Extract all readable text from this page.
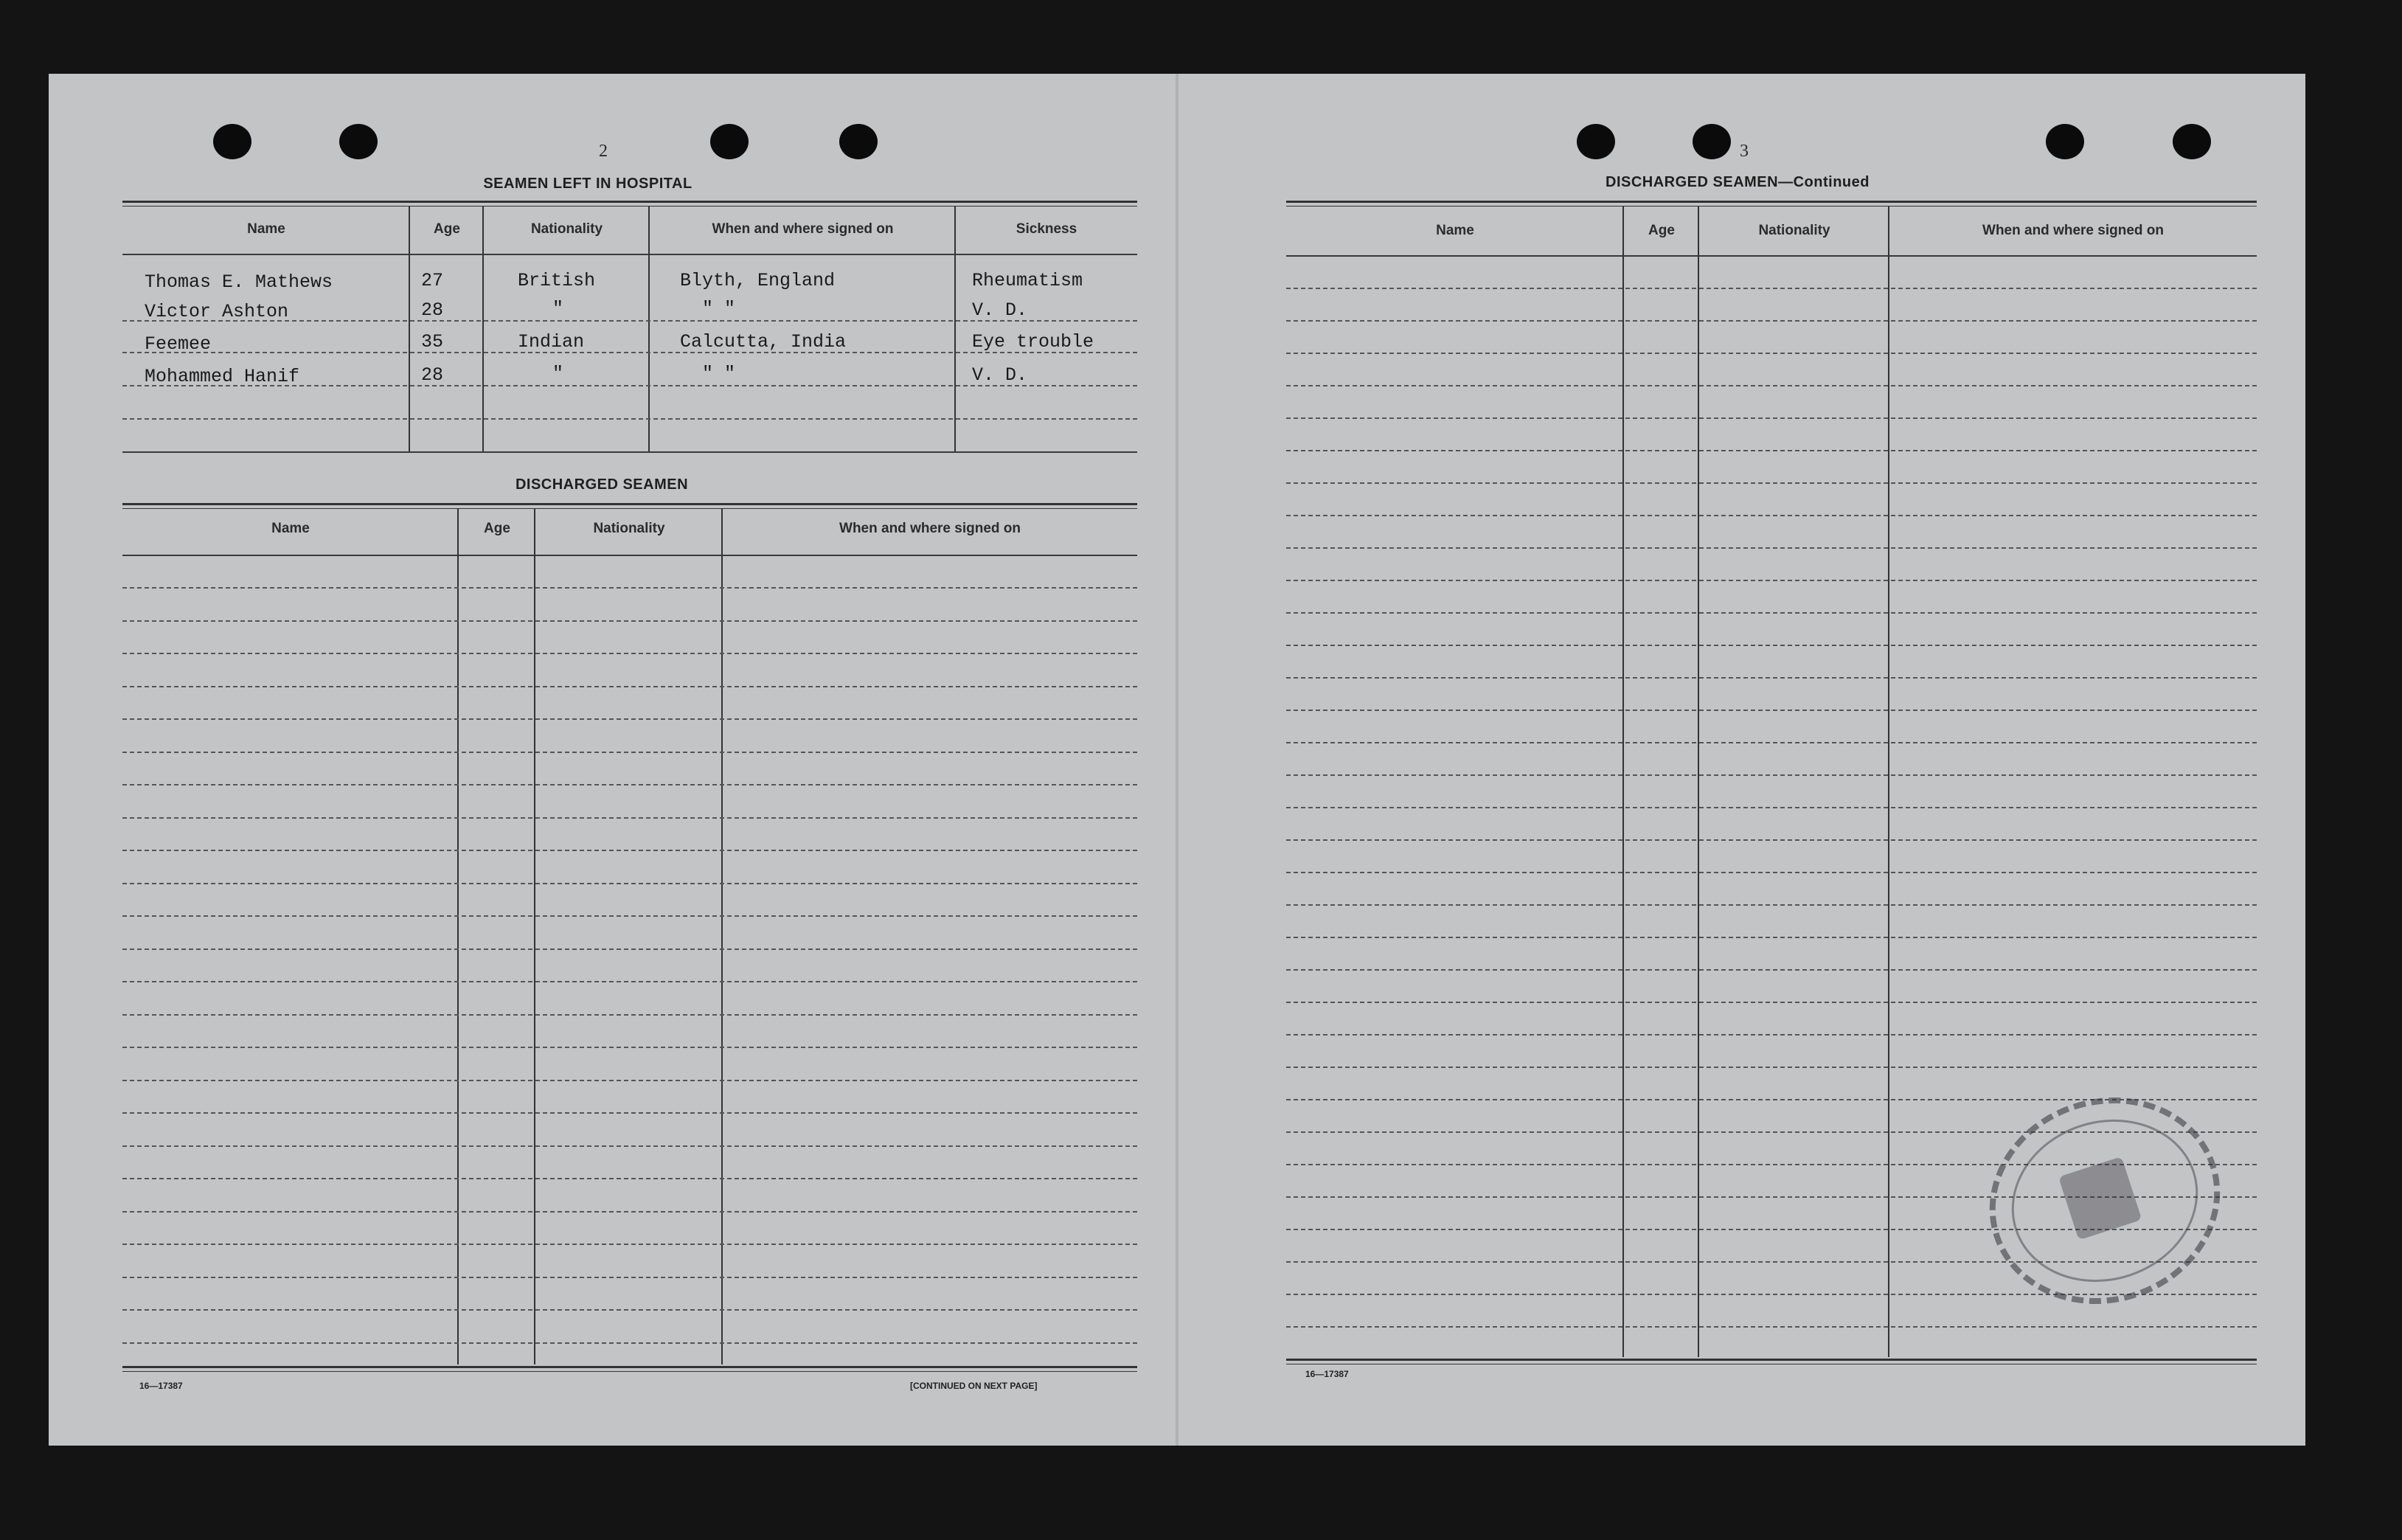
2
SEAMEN LEFT IN HOSPITAL
Name	Age	Nationality	When and where signed on	Sickness
Thomas E. Mathews	27	British	Blyth, England	Rheumatism
Victor Ashton	28	"	" "	V. D.
Feemee	35	Indian	Calcutta, India	Eye trouble
Mohammed Hanif	28	"	" "	V. D.
DISCHARGED SEAMEN
Name	Age	Nationality	When and where signed on
16—17387	[CONTINUED ON NEXT PAGE]
3
DISCHARGED SEAMEN—Continued
Name	Age	Nationality	When and where signed on
16—17387
